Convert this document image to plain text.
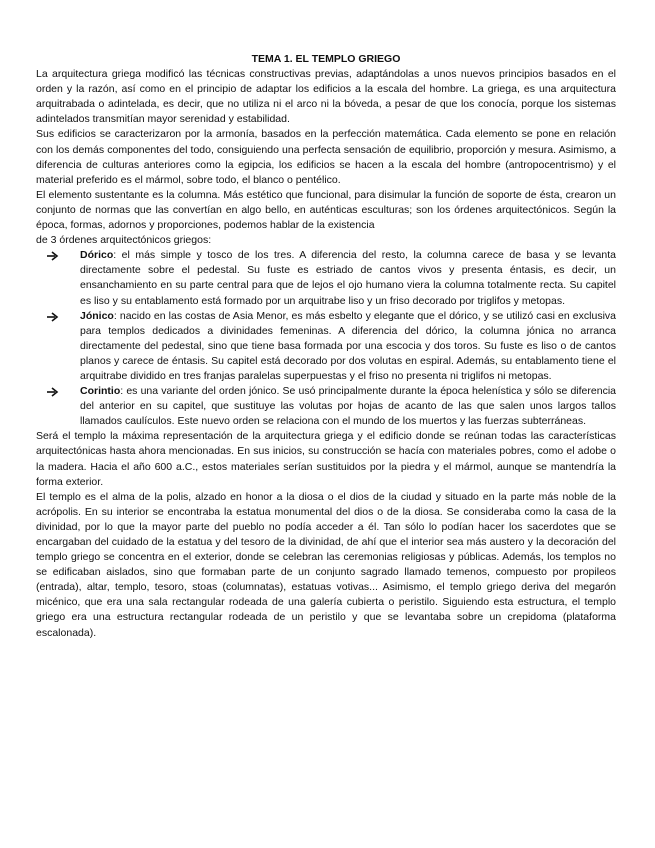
TEMA 1. EL TEMPLO GRIEGO

La arquitectura griega modificó las técnicas constructivas previas, adaptándolas a unos nuevos principios basados en el orden y la razón, así como en el principio de adaptar los edificios a la escala del hombre. La griega, es una arquitectura arquitrabada o adintelada, es decir, que no utiliza ni el arco ni la bóveda, a pesar de que los conocía, porque los sistemas adintelados transmitían mayor serenidad y estabilidad.

Sus edificios se caracterizaron por la armonía, basados en la perfección matemática. Cada elemento se pone en relación con los demás componentes del todo, consiguiendo una perfecta sensación de equilibrio, proporción y mesura. Asimismo, a diferencia de culturas anteriores como la egipcia, los edificios se hacen a la escala del hombre (antropocentrismo) y el material preferido es el mármol, sobre todo, el blanco o pentélico.

El elemento sustentante es la columna. Más estético que funcional, para disimular la función de soporte de ésta, crearon un conjunto de normas que las convertían en algo bello, en auténticas esculturas; son los órdenes arquitectónicos. Según la época, formas, adornos y proporciones, podemos hablar de la existencia

de 3 órdenes arquitectónicos griegos:

Dórico: el más simple y tosco de los tres. A diferencia del resto, la columna carece de basa y se levanta directamente sobre el pedestal. Su fuste es estriado de cantos vivos y presenta éntasis, es decir, un ensanchamiento en su parte central para que de lejos el ojo humano viera la columna totalmente recta. Su capitel es liso y su entablamento está formado por un arquitrabe liso y un friso decorado por triglifos y metopas.
Jónico: nacido en las costas de Asia Menor, es más esbelto y elegante que el dórico, y se utilizó casi en exclusiva para templos dedicados a divinidades femeninas. A diferencia del dórico, la columna jónica no arranca directamente del pedestal, sino que tiene basa formada por una escocia y dos toros. Su fuste es liso o de cantos planos y carece de éntasis. Su capitel está decorado por dos volutas en espiral. Además, su entablamento tiene el arquitrabe dividido en tres franjas paralelas superpuestas y el friso no presenta ni triglifos ni metopas.
Corintio: es una variante del orden jónico. Se usó principalmente durante la época helenística y sólo se diferencia del anterior en su capitel, que sustituye las volutas por hojas de acanto de las que salen unos largos tallos llamados caulículos. Este nuevo orden se relaciona con el mundo de los muertos y las fuerzas subterráneas.

Será el templo la máxima representación de la arquitectura griega y el edificio donde se reúnan todas las características arquitectónicas hasta ahora mencionadas. En sus inicios, su construcción se hacía con materiales pobres, como el adobe o la madera. Hacia el año 600 a.C., estos materiales serían sustituidos por la piedra y el mármol, aunque se mantendría la forma exterior.

El templo es el alma de la polis, alzado en honor a la diosa o el dios de la ciudad y situado en la parte más noble de la acrópolis. En su interior se encontraba la estatua monumental del dios o de la diosa. Se consideraba como la casa de la divinidad, por lo que la mayor parte del pueblo no podía acceder a él. Tan sólo lo podían hacer los sacerdotes que se encargaban del cuidado de la estatua y del tesoro de la divinidad, de ahí que el interior sea más austero y la decoración del templo griego se concentra en el exterior, donde se celebran las ceremonias religiosas y públicas. Además, los templos no se edificaban aislados, sino que formaban parte de un conjunto sagrado llamado temenos, compuesto por propileos (entrada), altar, templo, tesoro, stoas (columnatas), estatuas votivas... Asimismo, el templo griego deriva del megarón micénico, que era una sala rectangular rodeada de una galería cubierta o peristilo. Siguiendo esta estructura, el templo griego era una estructura rectangular rodeada de un peristilo y que se levantaba sobre un crepidoma (plataforma escalonada).
